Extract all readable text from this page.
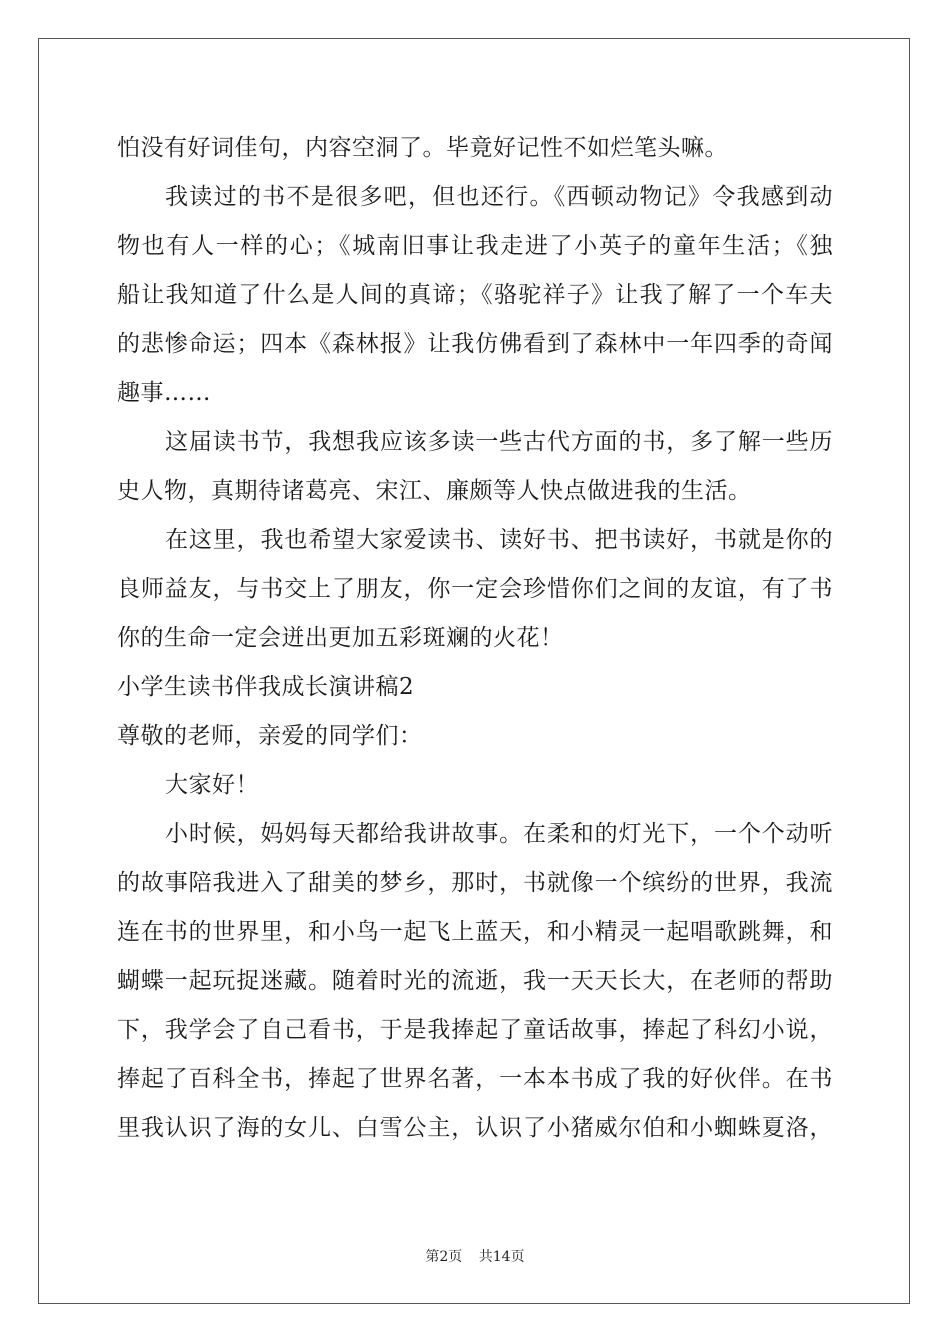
怕没有好词佳句，内容空洞了。毕竟好记性不如烂笔头嘛。
我读过的书不是很多吧，但也还行。《西顿动物记》令我感到动
物也有人一样的心；《城南旧事让我走进了小英子的童年生活；《独
船让我知道了什么是人间的真谛；《骆驼祥子》让我了解了一个车夫
的悲惨命运；四本《森林报》让我仿佛看到了森林中一年四季的奇闻
趣事……
这届读书节，我想我应该多读一些古代方面的书，多了解一些历
史人物，真期待诸葛亮、宋江、廉颇等人快点做进我的生活。
在这里，我也希望大家爱读书、读好书、把书读好，书就是你的
良师益友，与书交上了朋友，你一定会珍惜你们之间的友谊，有了书
你的生命一定会迸出更加五彩斑斓的火花！
小学生读书伴我成长演讲稿2
尊敬的老师，亲爱的同学们：
大家好！
小时候，妈妈每天都给我讲故事。在柔和的灯光下，一个个动听
的故事陪我进入了甜美的梦乡，那时，书就像一个缤纷的世界，我流
连在书的世界里，和小鸟一起飞上蓝天，和小精灵一起唱歌跳舞，和
蝴蝶一起玩捉迷藏。随着时光的流逝，我一天天长大，在老师的帮助
下，我学会了自己看书，于是我捧起了童话故事，捧起了科幻小说，
捧起了百科全书，捧起了世界名著，一本本书成了我的好伙伴。在书
里我认识了海的女儿、白雪公主，认识了小猪威尔伯和小蜘蛛夏洛，
第2页 共14页
